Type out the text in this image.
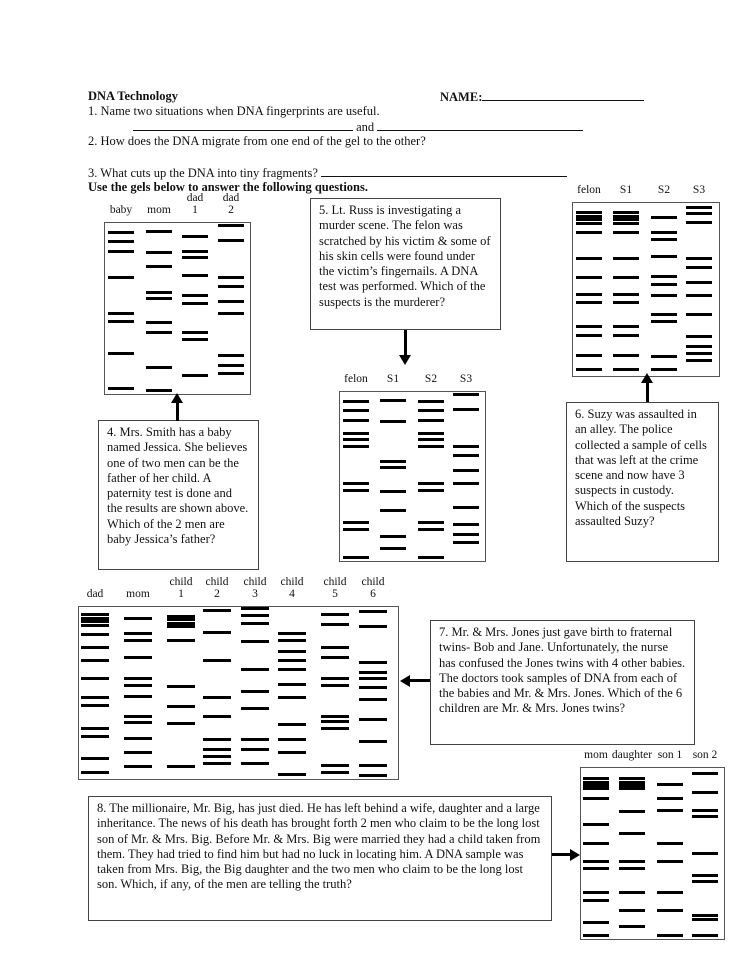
DNA Technology	NAME:
1. Name two situations when DNA fingerprints are useful.
and
2. How does the DNA migrate from one end of the gel to the other?
3. What cuts up the DNA into tiny fragments?
Use the gels below to answer the following questions.
baby	mom
dad
1
dad
2
felon	S1	S2	S3
felon	S1	S2	S3
dad	mom
child
1
child
2
child
3
child
4
child
5
child
6
mom daughter son 1 son 2
4. Mrs. Smith has a baby named Jessica. She believes one of two men can be the father of her child. A paternity test is done and the results are shown above. Which of the 2 men are baby Jessica’s father?
5. Lt. Russ is investigating a murder scene. The felon was scratched by his victim & some of his skin cells were found under the victim’s fingernails. A DNA test was performed. Which of the suspects is the murderer?
6. Suzy was assaulted in an alley. The police collected a sample of cells that was left at the crime scene and now have 3 suspects in custody. Which of the suspects assaulted Suzy?
7. Mr. & Mrs. Jones just gave birth to fraternal twins- Bob and Jane. Unfortunately, the nurse has confused the Jones twins with 4 other babies. The doctors took samples of DNA from each of the babies and Mr. & Mrs. Jones. Which of the 6 children are Mr. & Mrs. Jones twins?
8. The millionaire, Mr. Big, has just died. He has left behind a wife, daughter and a large inheritance. The news of his death has brought forth 2 men who claim to be the long lost son of Mr. & Mrs. Big. Before Mr. & Mrs. Big were married they had a child taken from them. They had tried to find him but had no luck in locating him. A DNA sample was taken from Mrs. Big, the Big daughter and the two men who claim to be the long lost son. Which, if any, of the men are telling the truth?
